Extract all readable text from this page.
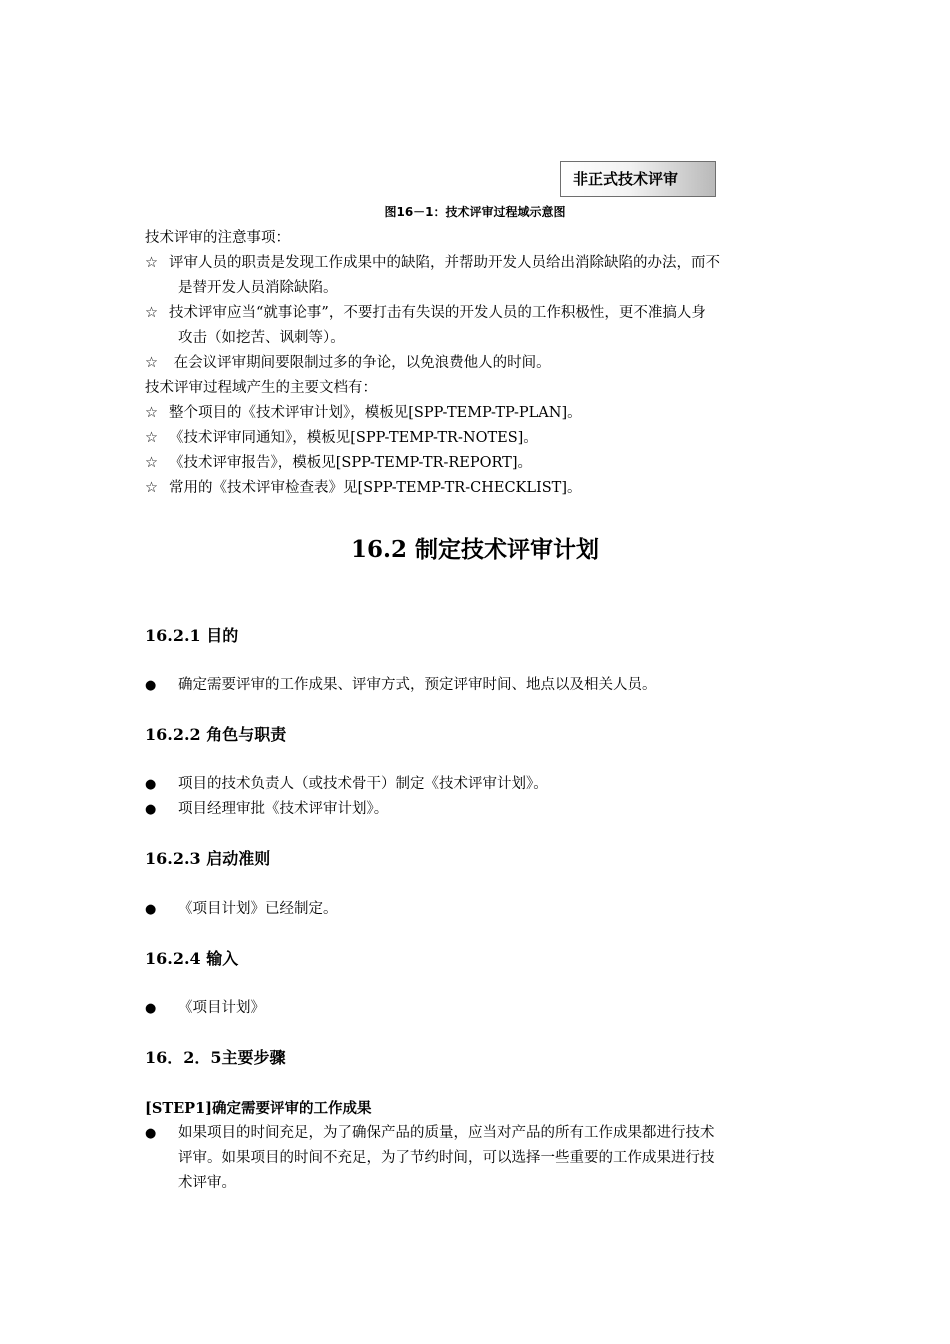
非正式技术评审
图16－1：技术评审过程域示意图
技术评审的注意事项：
☆ 评审人员的职责是发现工作成果中的缺陷，并帮助开发人员给出消除缺陷的办法，而不
是替开发人员消除缺陷。
☆ 技术评审应当“就事论事”，不要打击有失误的开发人员的工作积极性，更不准搞人身
攻击（如挖苦、讽刺等）。
☆ 在会议评审期间要限制过多的争论，以免浪费他人的时间。
技术评审过程域产生的主要文档有：
☆ 整个项目的《技术评审计划》，模板见[SPP-TEMP-TP-PLAN]。
☆ 《技术评审同通知》，模板见[SPP-TEMP-TR-NOTES]。
☆ 《技术评审报告》，模板见[SPP-TEMP-TR-REPORT]。
☆ 常用的《技术评审检查表》见[SPP-TEMP-TR-CHECKLIST]。
16.2 制定技术评审计划
16.2.1 目的
●	确定需要评审的工作成果、评审方式，预定评审时间、地点以及相关人员。
16.2.2 角色与职责
●	项目的技术负责人（或技术骨干）制定《技术评审计划》。
●	项目经理审批《技术评审计划》。
16.2.3 启动准则
●	《项目计划》已经制定。
16.2.4 输入
●	《项目计划》
16．2．5主要步骤
[STEP1]确定需要评审的工作成果
●	如果项目的时间充足，为了确保产品的质量，应当对产品的所有工作成果都进行技术
评审。如果项目的时间不充足，为了节约时间，可以选择一些重要的工作成果进行技
术评审。
